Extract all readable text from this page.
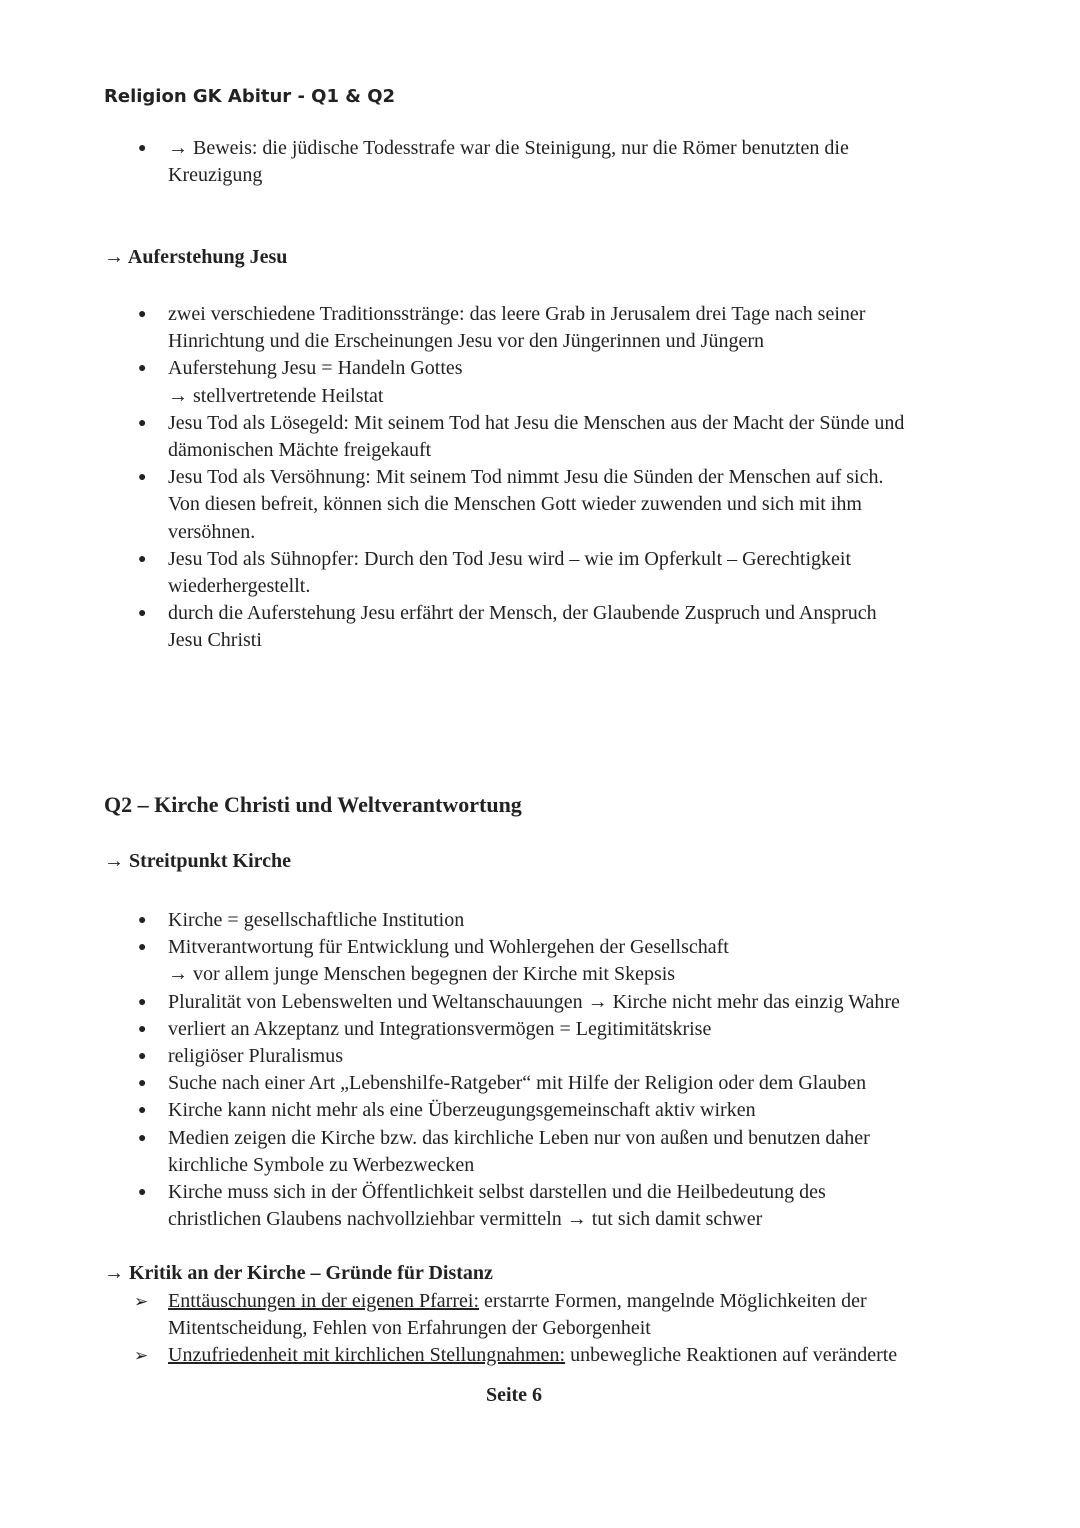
Religion GK Abitur - Q1 & Q2
● → Beweis: die jüdische Todesstrafe war die Steinigung, nur die Römer benutzten die
Kreuzigung
→ Auferstehung Jesu
● zwei verschiedene Traditionsstränge: das leere Grab in Jerusalem drei Tage nach seiner
Hinrichtung und die Erscheinungen Jesu vor den Jüngerinnen und Jüngern
● Auferstehung Jesu = Handeln Gottes
→ stellvertretende Heilstat
● Jesu Tod als Lösegeld: Mit seinem Tod hat Jesu die Menschen aus der Macht der Sünde und
dämonischen Mächte freigekauft
● Jesu Tod als Versöhnung: Mit seinem Tod nimmt Jesu die Sünden der Menschen auf sich.
Von diesen befreit, können sich die Menschen Gott wieder zuwenden und sich mit ihm
versöhnen.
● Jesu Tod als Sühnopfer: Durch den Tod Jesu wird – wie im Opferkult – Gerechtigkeit
wiederhergestellt.
● durch die Auferstehung Jesu erfährt der Mensch, der Glaubende Zuspruch und Anspruch
Jesu Christi
Q2 – Kirche Christi und Weltverantwortung
→ Streitpunkt Kirche
● Kirche = gesellschaftliche Institution
● Mitverantwortung für Entwicklung und Wohlergehen der Gesellschaft
→ vor allem junge Menschen begegnen der Kirche mit Skepsis
● Pluralität von Lebenswelten und Weltanschauungen → Kirche nicht mehr das einzig Wahre
● verliert an Akzeptanz und Integrationsvermögen = Legitimitätskrise
● religiöser Pluralismus
● Suche nach einer Art „Lebenshilfe-Ratgeber“ mit Hilfe der Religion oder dem Glauben
● Kirche kann nicht mehr als eine Überzeugungsgemeinschaft aktiv wirken
● Medien zeigen die Kirche bzw. das kirchliche Leben nur von außen und benutzen daher
kirchliche Symbole zu Werbezwecken
● Kirche muss sich in der Öffentlichkeit selbst darstellen und die Heilbedeutung des
christlichen Glaubens nachvollziehbar vermitteln → tut sich damit schwer
→ Kritik an der Kirche – Gründe für Distanz
➢ Enttäuschungen in der eigenen Pfarrei: erstarrte Formen, mangelnde Möglichkeiten der
Mitentscheidung, Fehlen von Erfahrungen der Geborgenheit
➢ Unzufriedenheit mit kirchlichen Stellungnahmen: unbewegliche Reaktionen auf veränderte
Seite 6
